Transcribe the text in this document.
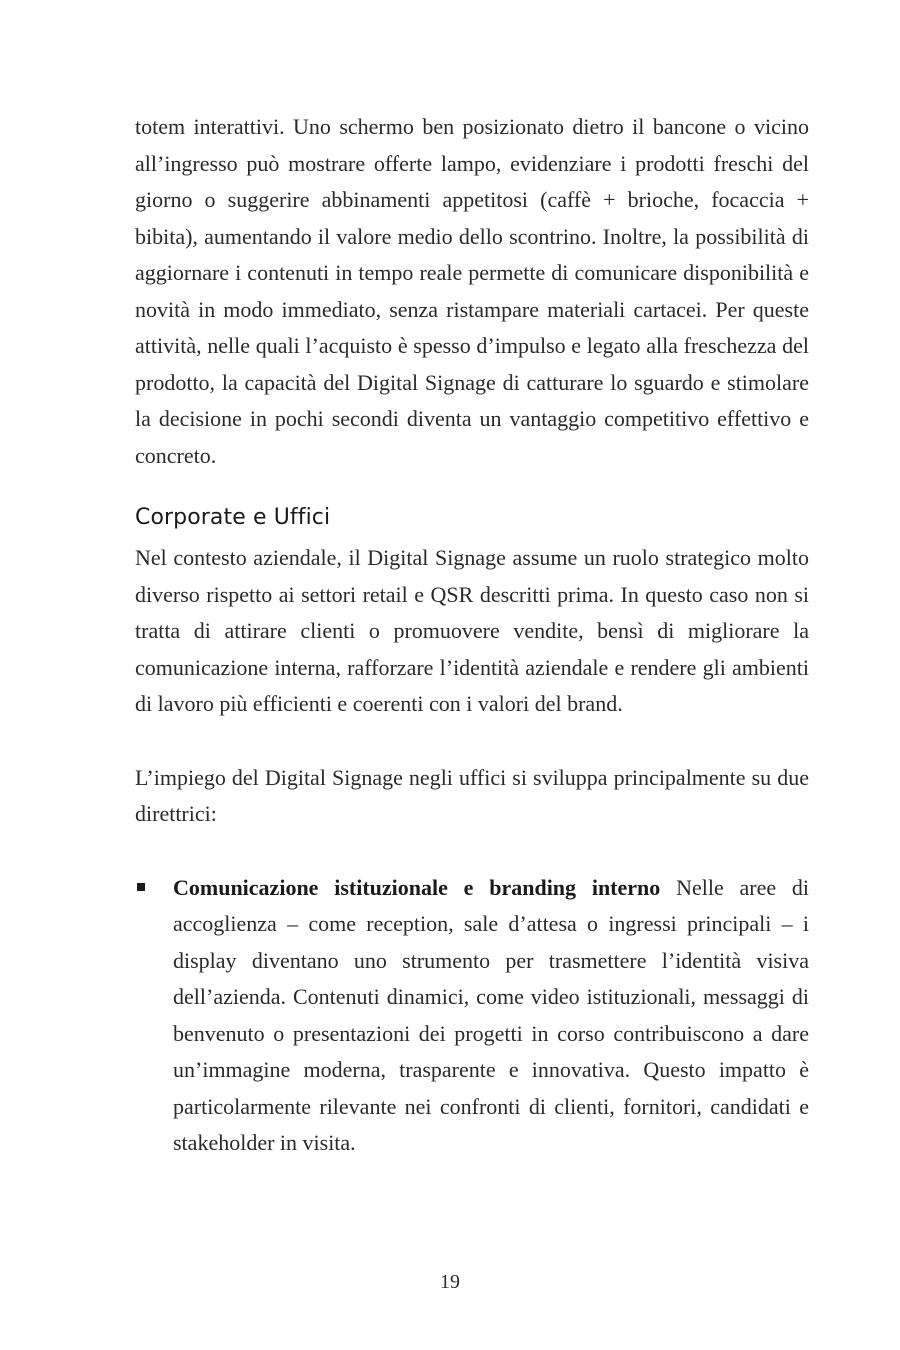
totem interattivi. Uno schermo ben posizionato dietro il bancone o vicino all’ingresso può mostrare offerte lampo, evidenziare i prodotti freschi del giorno o suggerire abbinamenti appetitosi (caffè + brioche, focaccia + bibita), aumentando il valore medio dello scontrino. Inoltre, la possibilità di aggiornare i contenuti in tempo reale permette di comunicare disponibilità e novità in modo immediato, senza ristampare materiali cartacei. Per queste attività, nelle quali l’acquisto è spesso d’impulso e legato alla freschezza del prodotto, la capacità del Digital Signage di catturare lo sguardo e stimolare la decisione in pochi secondi diventa un vantaggio competitivo effettivo e concreto.

Corporate e Uffici

Nel contesto aziendale, il Digital Signage assume un ruolo strategico molto diverso rispetto ai settori retail e QSR descritti prima. In questo caso non si tratta di attirare clienti o promuovere vendite, bensì di migliorare la comunicazione interna, rafforzare l’identità aziendale e rendere gli ambienti di lavoro più efficienti e coerenti con i valori del brand.

L’impiego del Digital Signage negli uffici si sviluppa principalmente su due direttrici:

Comunicazione istituzionale e branding interno Nelle aree di accoglienza – come reception, sale d’attesa o ingressi principali – i display diventano uno strumento per trasmettere l’identità visiva dell’azienda. Contenuti dinamici, come video istituzionali, messaggi di benvenuto o presentazioni dei progetti in corso contribuiscono a dare un’immagine moderna, trasparente e innovativa. Questo impatto è particolarmente rilevante nei confronti di clienti, fornitori, candidati e stakeholder in visita.

19
